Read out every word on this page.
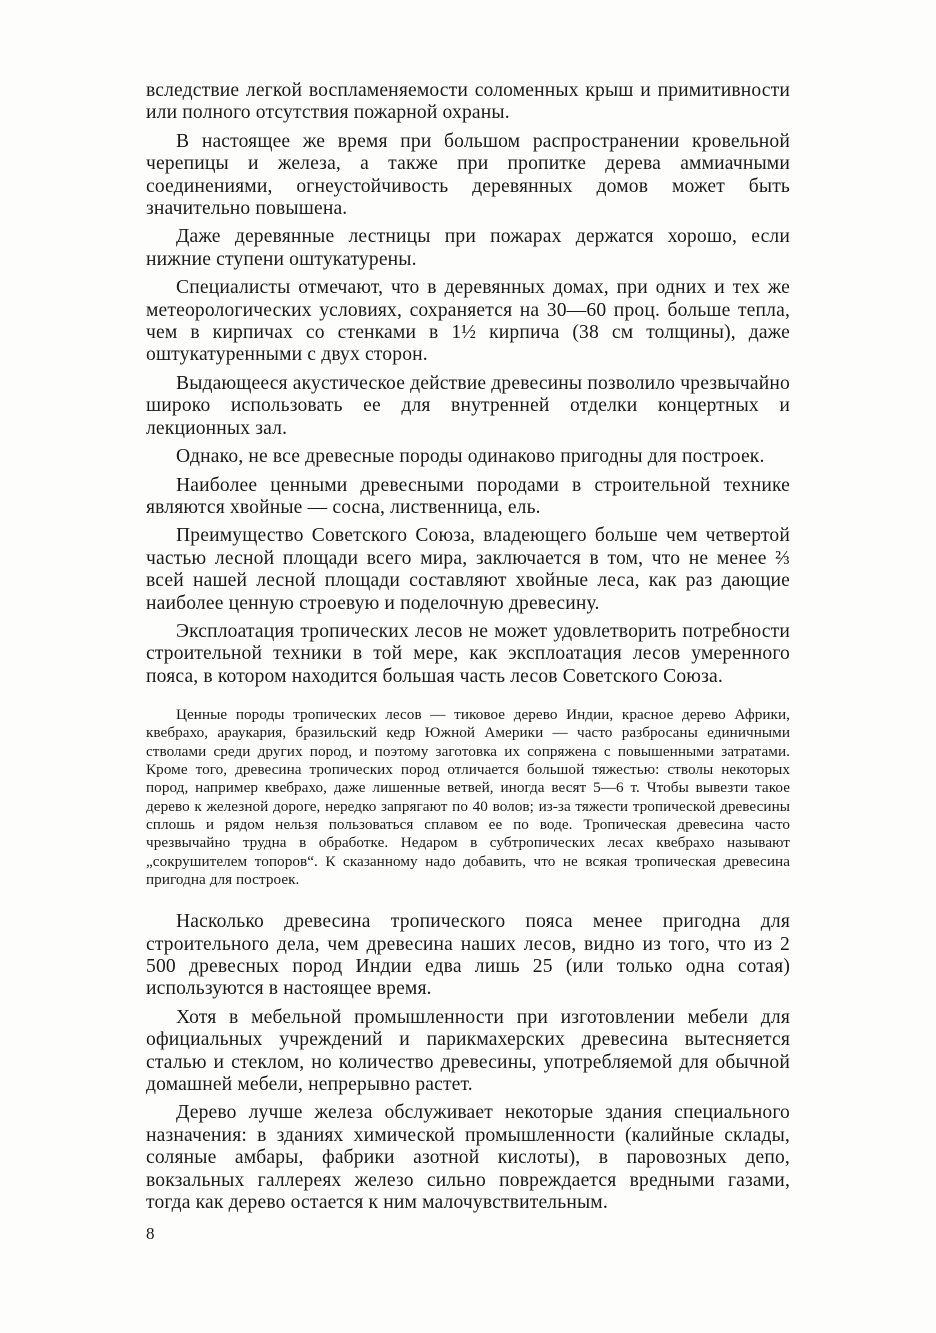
вследствие легкой воспламеняемости соломенных крыш и примитивности или полного отсутствия пожарной охраны.

В настоящее же время при большом распространении кровельной черепицы и железа, а также при пропитке дерева аммиачными соединениями, огнеустойчивость деревянных домов может быть значительно повышена.

Даже деревянные лестницы при пожарах держатся хорошо, если нижние ступени оштукатурены.

Специалисты отмечают, что в деревянных домах, при одних и тех же метеорологических условиях, сохраняется на 30—60 проц. больше тепла, чем в кирпичах со стенками в 1½ кирпича (38 см толщины), даже оштукатуренными с двух сторон.

Выдающееся акустическое действие древесины позволило чрезвычайно широко использовать ее для внутренней отделки концертных и лекционных зал.

Однако, не все древесные породы одинаково пригодны для построек.

Наиболее ценными древесными породами в строительной технике являются хвойные — сосна, лиственница, ель.

Преимущество Советского Союза, владеющего больше чем четвертой частью лесной площади всего мира, заключается в том, что не менее ⅔ всей нашей лесной площади составляют хвойные леса, как раз дающие наиболее ценную строевую и поделочную древесину.

Эксплоатация тропических лесов не может удовлетворить потребности строительной техники в той мере, как эксплоатация лесов умеренного пояса, в котором находится большая часть лесов Советского Союза.

Ценные породы тропических лесов — тиковое дерево Индии, красное дерево Африки, квебрахо, араукария, бразильский кедр Южной Америки — часто разбросаны единичными стволами среди других пород, и поэтому заготовка их сопряжена с повышенными затратами. Кроме того, древесина тропических пород отличается большой тяжестью: стволы некоторых пород, например квебрахо, даже лишенные ветвей, иногда весят 5—6 т. Чтобы вывезти такое дерево к железной дороге, нередко запрягают по 40 волов; из-за тяжести тропической древесины сплошь и рядом нельзя пользоваться сплавом ее по воде. Тропическая древесина часто чрезвычайно трудна в обработке. Недаром в субтропических лесах квебрахо называют „сокрушителем топоров“. К сказанному надо добавить, что не всякая тропическая древесина пригодна для построек.

Насколько древесина тропического пояса менее пригодна для строительного дела, чем древесина наших лесов, видно из того, что из 2 500 древесных пород Индии едва лишь 25 (или только одна сотая) используются в настоящее время.

Хотя в мебельной промышленности при изготовлении мебели для официальных учреждений и парикмахерских древесина вытесняется сталью и стеклом, но количество древесины, употребляемой для обычной домашней мебели, непрерывно растет.

Дерево лучше железа обслуживает некоторые здания специального назначения: в зданиях химической промышленности (калийные склады, соляные амбары, фабрики азотной кислоты), в паровозных депо, вокзальных галлереях железо сильно повреждается вредными газами, тогда как дерево остается к ним малочувствительным.

8
